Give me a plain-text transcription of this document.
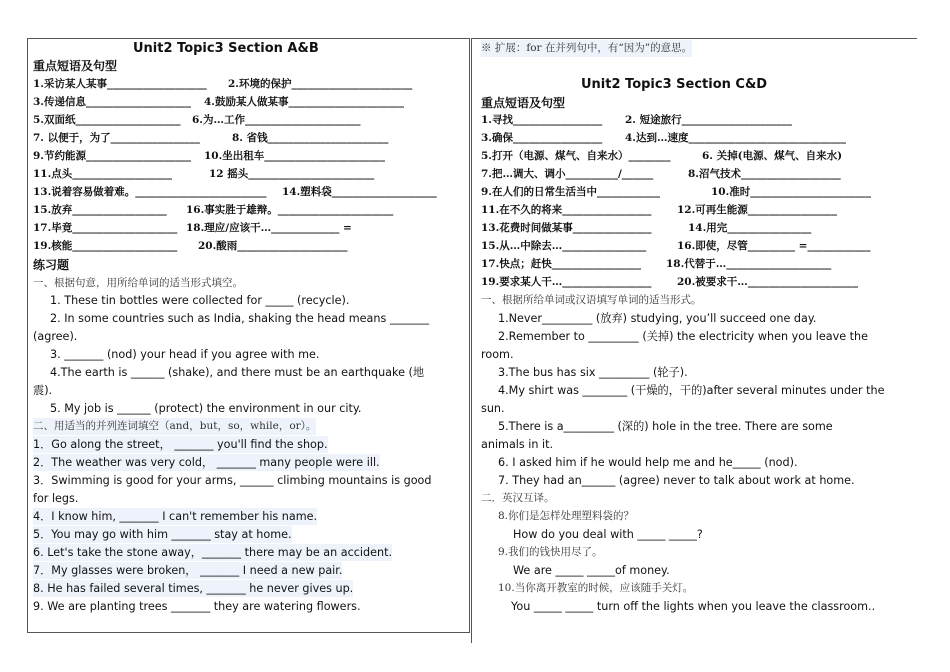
Unit2 Topic3 Section A&B
重点短语及句型
1.采访某人某事___________________ 2.环境的保护_______________________
3.传递信息____________________ 4.鼓励某人做某事______________________
5.双面纸____________________ 6.为…工作______________________
7. 以便于，为了_________________	8. 省钱_______________________
9.节约能源____________________ 10.坐出租车_______________________
11.点头___________________	12 摇头________________________
13.说着容易做着难。_________________________ 14.塑料袋____________________
15.放弃__________________ 16.事实胜于雄辩。______________________
17.毕竟____________________ 18.理应/应该干…_____________ =
19.核能____________________ 20.酸雨_____________________
练习题
一、根据句意，用所给单词的适当形式填空。
1. These tin bottles were collected for _____ (recycle).
2. In some countries such as India, shaking the head means _______
(agree).
3. _______ (nod) your head if you agree with me.
4.The earth is ______ (shake), and there must be an earthquake (地
震).
5. My job is ______ (protect) the environment in our city.
二、用适当的并列连词填空（and，but，so，while，or）。
1．Go along the street， _______ you'll find the shop.
2．The weather was very cold， _______ many people were ill.
3．Swimming is good for your arms, ______ climbing mountains is good
for legs.
4．I know him, _______ I can't remember his name.
5．You may go with him _______ stay at home.
6. Let's take the stone away，_______ there may be an accident.
7．My glasses were broken， _______ I need a new pair.
8. He has failed several times, _______ he never gives up.
9. We are planting trees _______ they are watering flowers.
※ 扩展：for 在并列句中，有“因为”的意思。
Unit2 Topic3 Section C&D
重点短语及句型
1.寻找_________________ 2. 短途旅行_____________________
3.确保_________________ 4.达到…速度______________________________
5.打开（电源、煤气、自来水）________	6. 关掉(电源、煤气、自来水)
7.把…调大、调小__________/______	8.沼气技术___________________
9.在人们的日常生活当中____________	10.准时_______________________
11.在不久的将来_________________ 12.可再生能源_________________
13.花费时间做某事_______________	14.用完________________
15.从…中除去…________________	16.即使，尽管_________ =____________
17.快点；赶快_________________ 18.代替于…____________________
19.要求某人干…_________________ 20.被要求干…_____________________
一、根据所给单词或汉语填写单词的适当形式。
1.Never_________ (放弃) studying, you’ll succeed one day.
2.Remember to _________ (关掉) the electricity when you leave the
room.
3.The bus has six _________ (轮子).
4.My shirt was ________ (干燥的，干的)after several minutes under the
sun.
5.There is a_________ (深的) hole in the tree. There are some
animals in it.
6. I asked him if he would help me and he_____ (nod).
7. They had an______ (agree) never to talk about work at home.
二．英汉互译。
8.你们是怎样处理塑料袋的？
How do you deal with _____ _____?
9.我们的钱快用尽了。
We are _____ _____of money.
10.当你离开教室的时候，应该随手关灯。
You _____ _____ turn off the lights when you leave the classroom..
